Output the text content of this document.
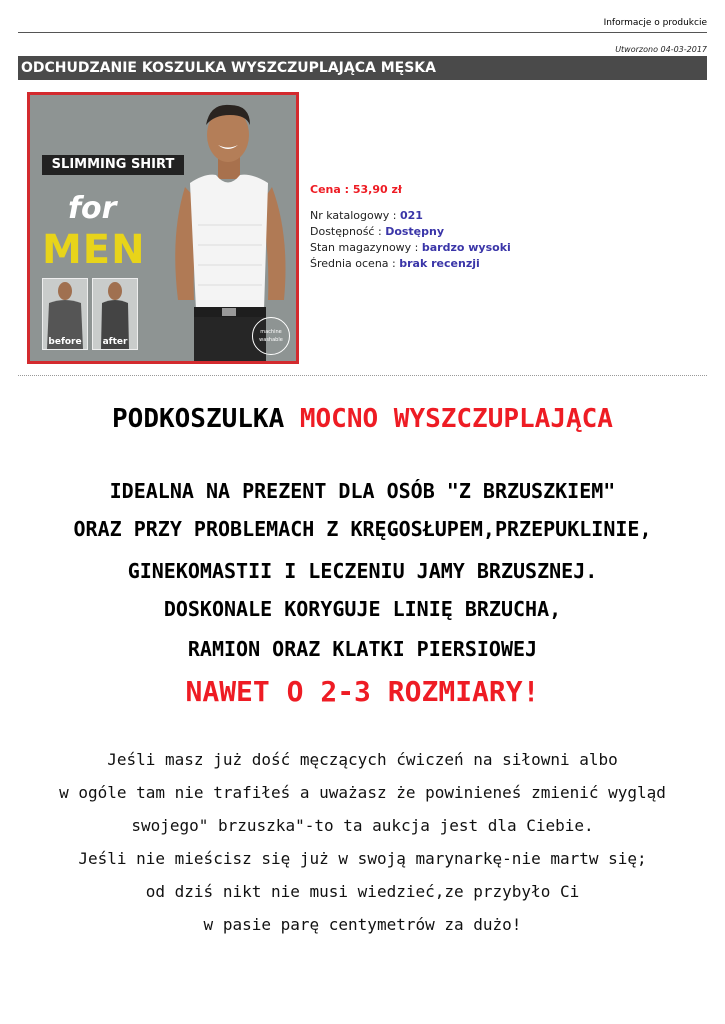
Informacje o produkcie
Utworzono 04-03-2017
ODCHUDZANIE KOSZULKA WYSZCZUPLAJĄCA MĘSKA
SLIMMING SHIRT
for
MEN
before	after
machine washable
Cena : 53,90 zł
Nr katalogowy : 021
Dostępność : Dostępny
Stan magazynowy : bardzo wysoki
Średnia ocena : brak recenzji
PODKOSZULKA MOCNO WYSZCZUPLAJĄCA
IDEALNA NA PREZENT DLA OSÓB "Z BRZUSZKIEM"
ORAZ PRZY PROBLEMACH Z KRĘGOSŁUPEM,PRZEPUKLINIE,
GINEKOMASTII I LECZENIU JAMY BRZUSZNEJ.
DOSKONALE KORYGUJE LINIĘ BRZUCHA,
RAMION ORAZ KLATKI PIERSIOWEJ
NAWET O 2-3 ROZMIARY!
Jeśli masz już dość męczących ćwiczeń na siłowni albo
w ogóle tam nie trafiłeś a uważasz że powinieneś zmienić wygląd
swojego" brzuszka"-to ta aukcja jest dla Ciebie.
Jeśli nie mieścisz się już w swoją marynarkę-nie martw się;
od dziś nikt nie musi wiedzieć,ze przybyło Ci
w pasie parę centymetrów za dużo!
